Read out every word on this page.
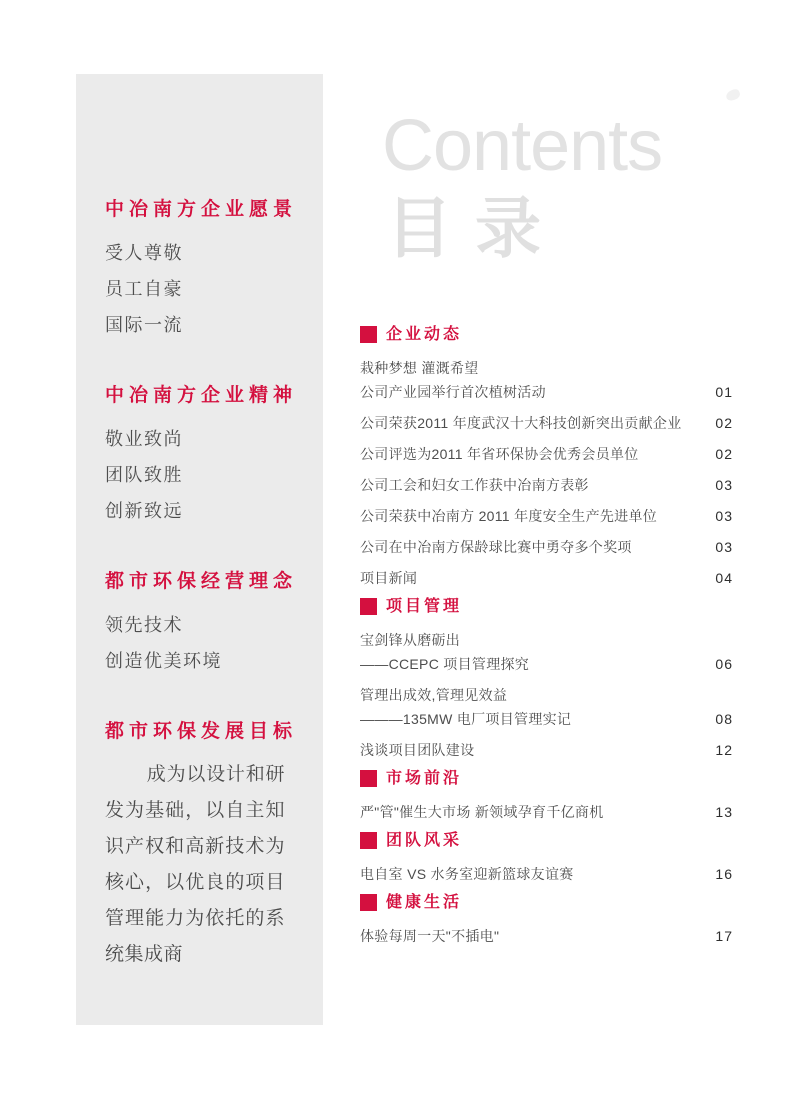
中冶南方企业愿景
受人尊敬
员工自豪
国际一流
中冶南方企业精神
敬业致尚
团队致胜
创新致远
都市环保经营理念
领先技术
创造优美环境
都市环保发展目标
成为以设计和研发为基础，以自主知识产权和高新技术为核心，以优良的项目管理能力为依托的系统集成商
Contents
目 录
企业动态
栽种梦想 灌溉希望
公司产业园举行首次植树活动	01
公司荣获2011 年度武汉十大科技创新突出贡献企业	02
公司评选为2011 年省环保协会优秀会员单位	02
公司工会和妇女工作获中冶南方表彰	03
公司荣获中冶南方 2011 年度安全生产先进单位	03
公司在中冶南方保龄球比赛中勇夺多个奖项	03
项目新闻	04
项目管理
宝剑锋从磨砺出
——CCEPC 项目管理探究	06
管理出成效,管理见效益
———135MW 电厂项目管理实记	08
浅谈项目团队建设	12
市场前沿
严"管"催生大市场 新领域孕育千亿商机	13
团队风采
电自室 VS 水务室迎新篮球友谊赛	16
健康生活
体验每周一天"不插电"	17
